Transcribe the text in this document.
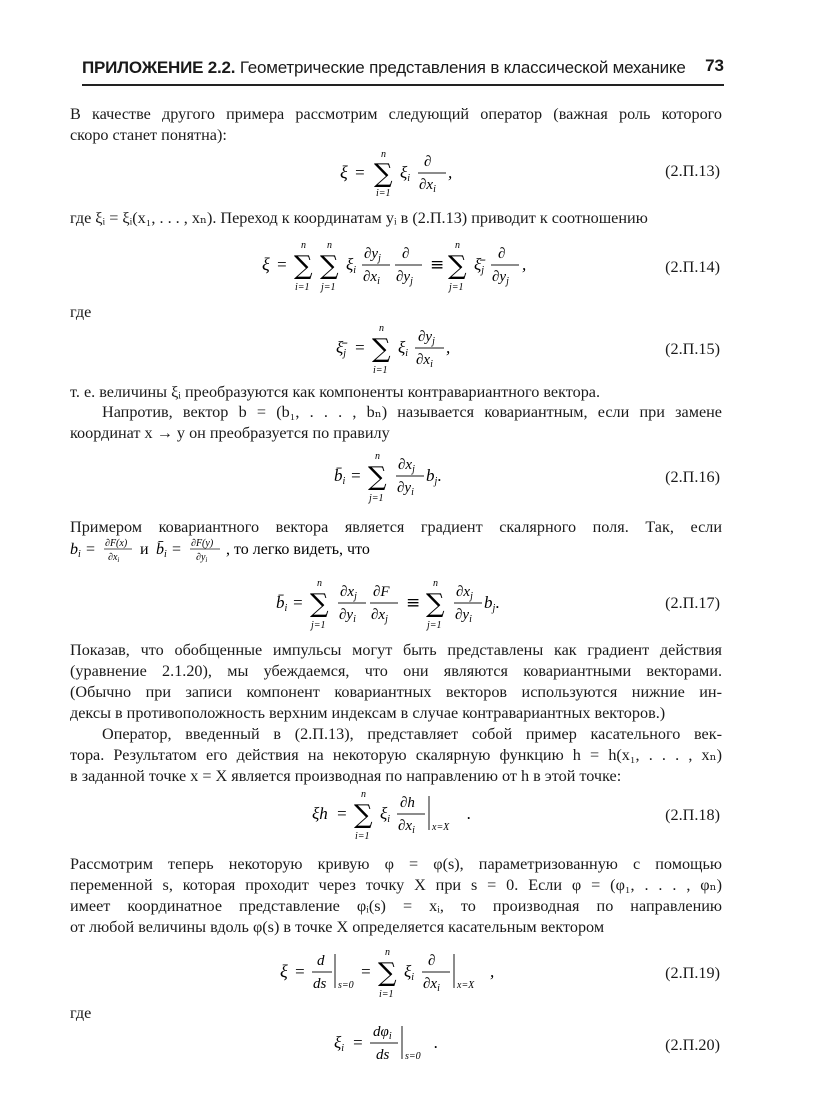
ПРИЛОЖЕНИЕ 2.2. Геометрические представления в классической механике 73
В качестве другого примера рассмотрим следующий оператор (важная роль которого
скоро станет понятна):
ξ = ∑
n
i=1
ξi
∂
$\partial x_i$
,	(2.П.13)
где ξᵢ = ξᵢ(x₁, . . . , xₙ). Переход к координатам yᵢ в (2.П.13) приводит к соотношению
ξ = ∑
n
i=1
∑
n
j=1
ξi
$\partial y_j$
$\partial x_i$
∂
$\partial y_j$
≡ ∑
n
j=1
ξ̄j
∂
$\partial y_j$
,	(2.П.14)
где
ξ̄j = ∑
n
i=1
ξi
$\partial y_j$
$\partial x_i$
,	(2.П.15)
т. е. величины ξᵢ преобразуются как компоненты контравариантного вектора.
Напротив, вектор b = (b₁, . . . , bₙ) называется ковариантным, если при замене
координат x → y он преобразуется по правилу
b̄i = ∑
n
j=1
$\partial x_j$
$\partial y_i$
bj.	(2.П.16)
Примером ковариантного вектора является градиент скалярного поля. Так, если
bi = ∂F(x)
$\partial x_i$
и b̄i = ∂F(y)
$\partial y_i$
, то легко видеть, что
b̄i = ∑
n
j=1
$\partial x_j$
$\partial y_i$
∂F
$\partial x_j$
≡ ∑
n
j=1
$\partial x_j$
$\partial y_i$
bj.	(2.П.17)
Показав, что обобщенные импульсы могут быть представлены как градиент действия
(уравнение 2.1.20), мы убеждаемся, что они являются ковариантными векторами.
(Обычно при записи компонент ковариантных векторов используются нижние ин-
дексы в противоположность верхним индексам в случае контравариантных векторов.)
Оператор, введенный в (2.П.13), представляет собой пример касательного век-
тора. Результатом его действия на некоторую скалярную функцию h = h(x₁, . . . , xₙ)
в заданной точке x = X является производная по направлению от h в этой точке:
ξh = ∑
n
i=1
ξi
∂h
$\partial x_i$ x=X
.	(2.П.18)
Рассмотрим теперь некоторую кривую φ = φ(s), параметризованную с помощью
переменной s, которая проходит через точку X при s = 0. Если φ = (φ₁, . . . , φₙ)
имеет координатное представление φᵢ(s) = xᵢ, то производная по направлению
от любой величины вдоль φ(s) в точке X определяется касательным вектором
ξ =
d
ds s=0
= ∑
n
i=1
ξi
∂
$\partial x_i$ x=X
,	(2.П.19)
где
ξi =
$d\varphi_i$
ds s=0
.	(2.П.20)
